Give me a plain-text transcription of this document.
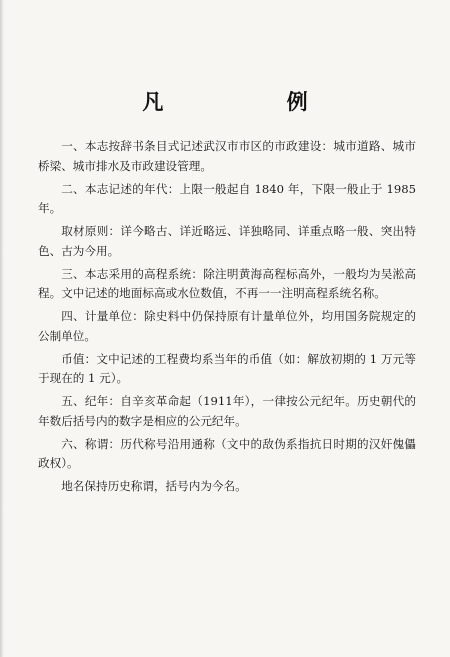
凡 例

一、本志按辞书条目式记述武汉市市区的市政建设：城市道路、城市桥梁、城市排水及市政建设管理。

二、本志记述的年代：上限一般起自 1840 年，下限一般止于 1985 年。

取材原则：详今略古、详近略远、详独略同、详重点略一般、突出特色、古为今用。

三、本志采用的高程系统：除注明黄海高程标高外，一般均为吴淞高程。文中记述的地面标高或水位数值，不再一一注明高程系统名称。

四、计量单位：除史料中仍保持原有计量单位外，均用国务院规定的公制单位。

币值：文中记述的工程费均系当年的币值（如：解放初期的 1 万元等于现在的 1 元）。

五、纪年：自辛亥革命起（1911年），一律按公元纪年。历史朝代的年数后括号内的数字是相应的公元纪年。

六、称谓：历代称号沿用通称（文中的敌伪系指抗日时期的汉奸傀儡政权）。

地名保持历史称谓，括号内为今名。
